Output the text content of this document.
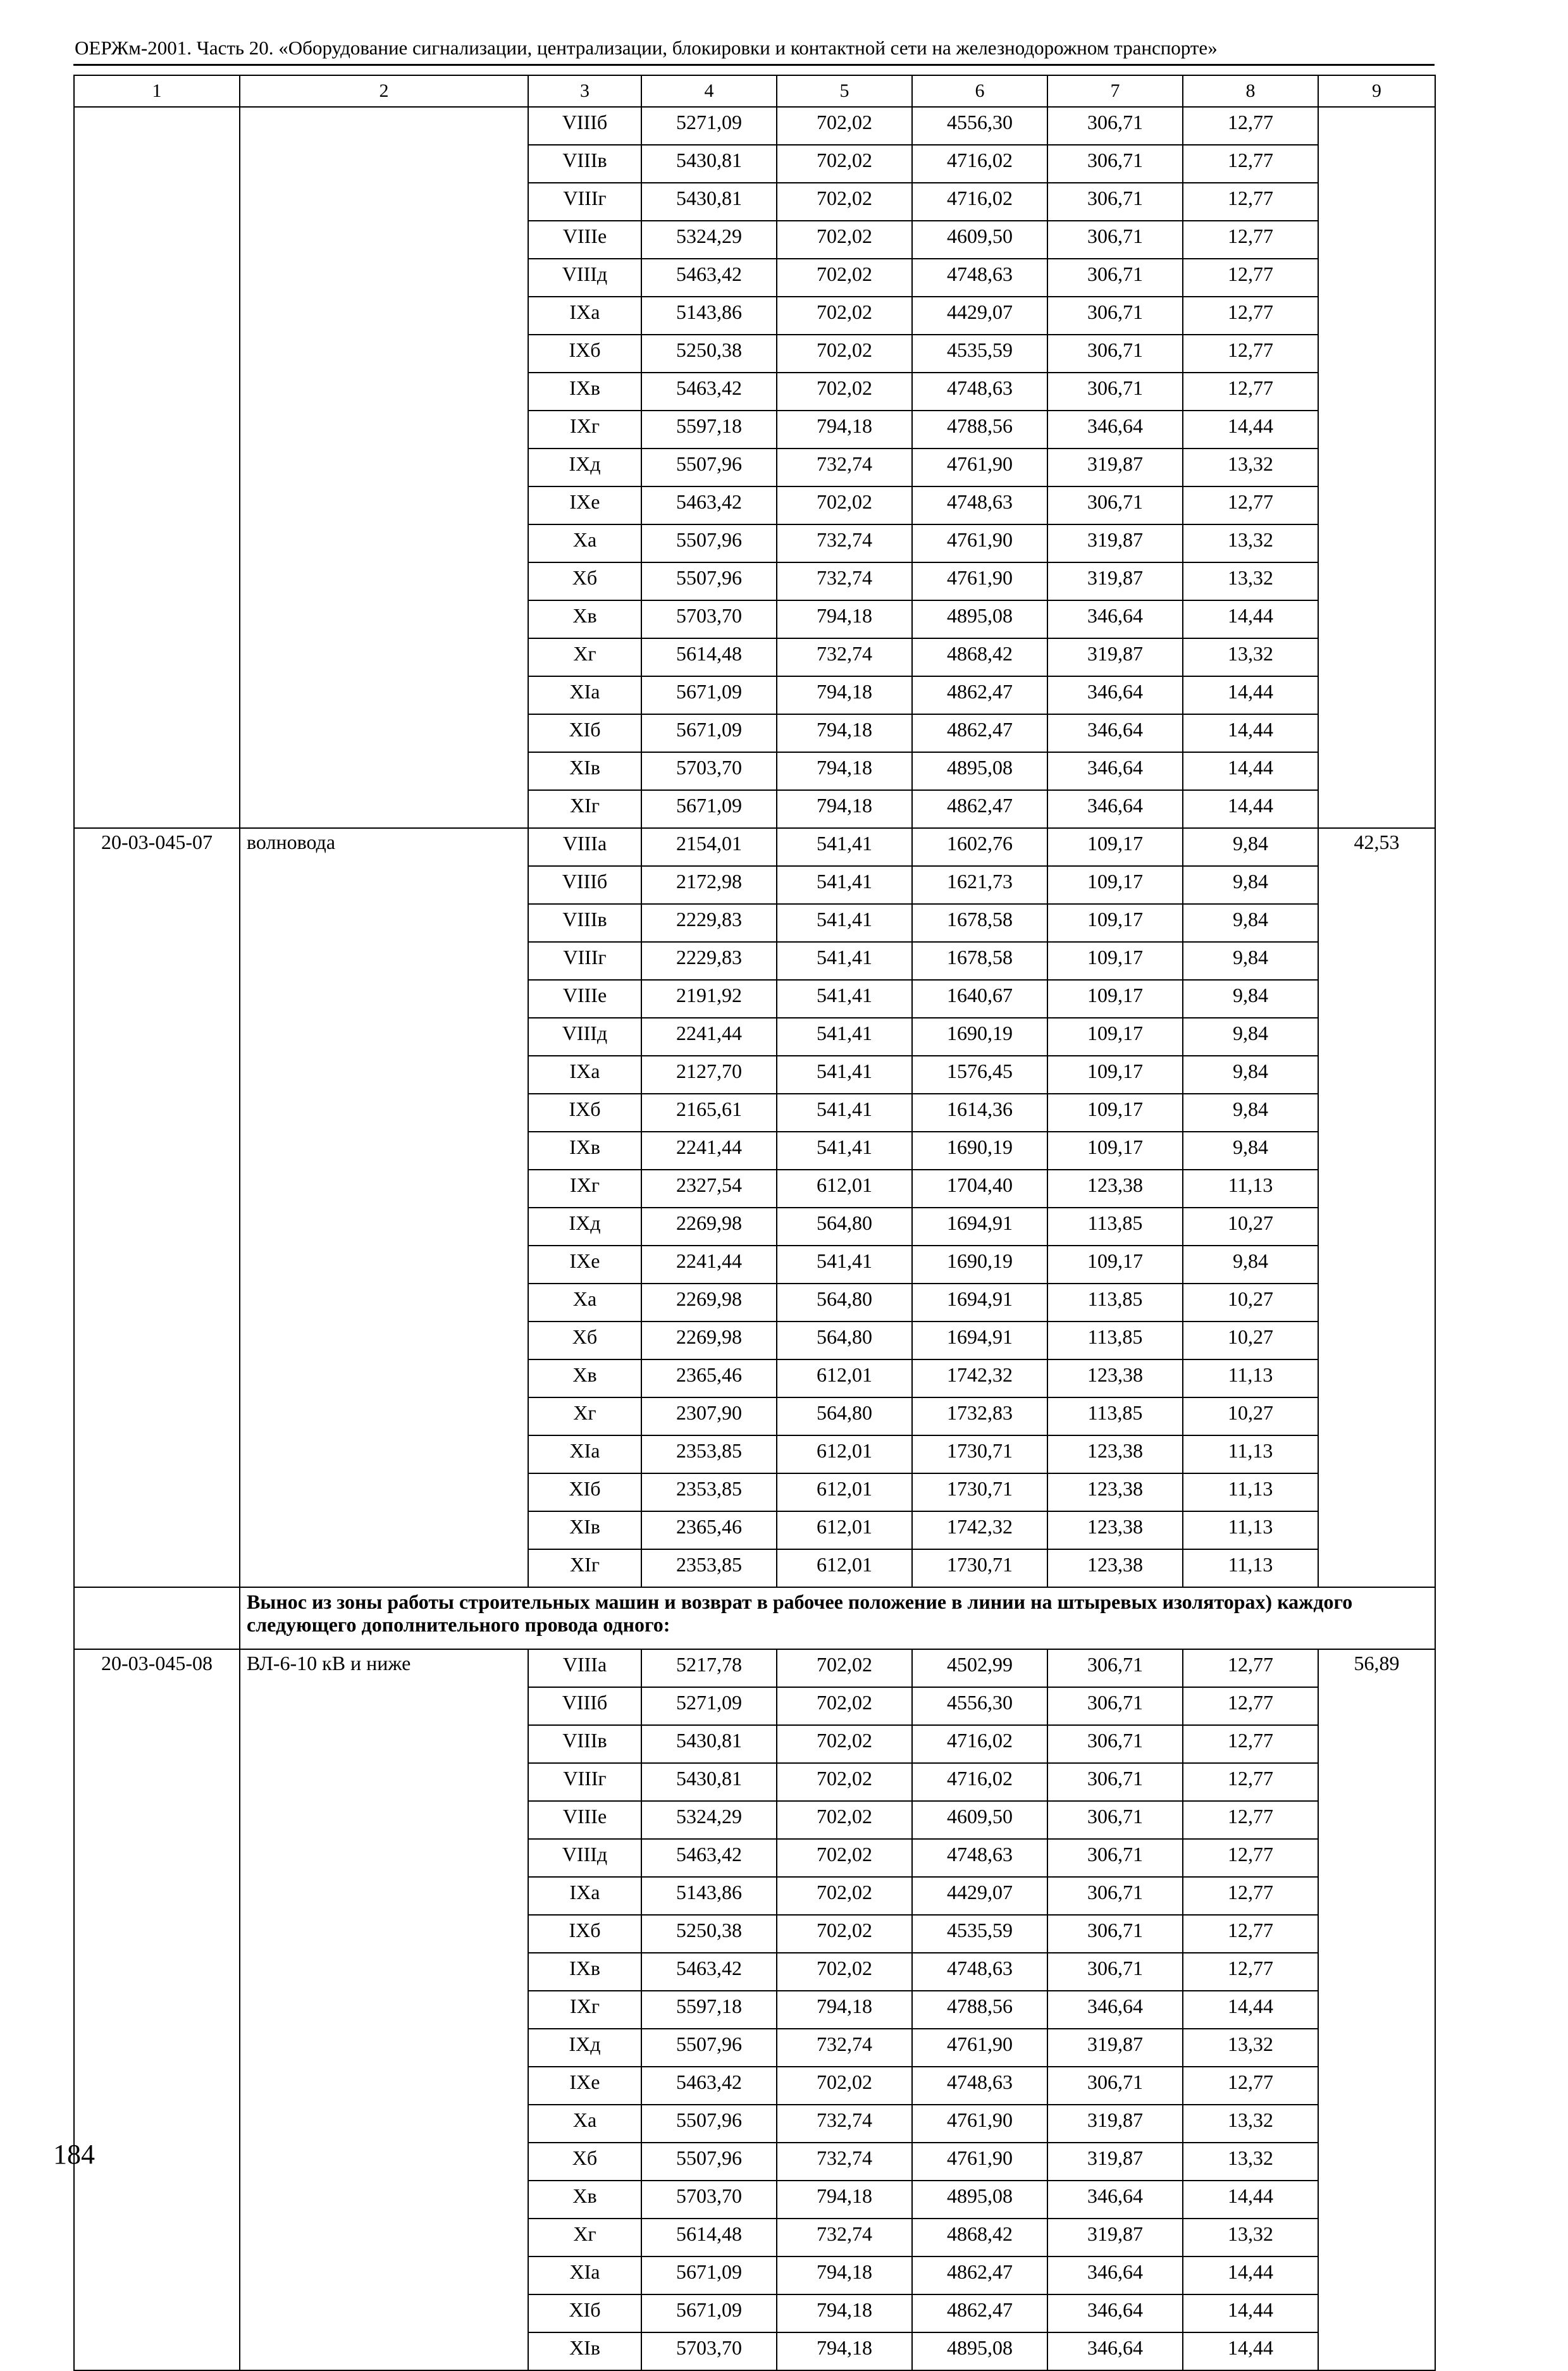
ОЕРЖм-2001. Часть 20. «Оборудование сигнализации, централизации, блокировки и контактной сети на железнодорожном транспорте»
1	2	3	4	5	6	7	8	9
		VIIIб	5271,09	702,02	4556,30	306,71	12,77	
		VIIIв	5430,81	702,02	4716,02	306,71	12,77	
		VIIIг	5430,81	702,02	4716,02	306,71	12,77	
		VIIIе	5324,29	702,02	4609,50	306,71	12,77	
		VIIIд	5463,42	702,02	4748,63	306,71	12,77	
		IXа	5143,86	702,02	4429,07	306,71	12,77	
		IXб	5250,38	702,02	4535,59	306,71	12,77	
		IXв	5463,42	702,02	4748,63	306,71	12,77	
		IXг	5597,18	794,18	4788,56	346,64	14,44	
		IXд	5507,96	732,74	4761,90	319,87	13,32	
		IXе	5463,42	702,02	4748,63	306,71	12,77	
		Xа	5507,96	732,74	4761,90	319,87	13,32	
		Xб	5507,96	732,74	4761,90	319,87	13,32	
		Xв	5703,70	794,18	4895,08	346,64	14,44	
		Xг	5614,48	732,74	4868,42	319,87	13,32	
		XIа	5671,09	794,18	4862,47	346,64	14,44	
		XIб	5671,09	794,18	4862,47	346,64	14,44	
		XIв	5703,70	794,18	4895,08	346,64	14,44	
		XIг	5671,09	794,18	4862,47	346,64	14,44	
20-03-045-07	волновода	VIIIа	2154,01	541,41	1602,76	109,17	9,84	42,53
		VIIIб	2172,98	541,41	1621,73	109,17	9,84	
		VIIIв	2229,83	541,41	1678,58	109,17	9,84	
		VIIIг	2229,83	541,41	1678,58	109,17	9,84	
		VIIIе	2191,92	541,41	1640,67	109,17	9,84	
		VIIIд	2241,44	541,41	1690,19	109,17	9,84	
		IXа	2127,70	541,41	1576,45	109,17	9,84	
		IXб	2165,61	541,41	1614,36	109,17	9,84	
		IXв	2241,44	541,41	1690,19	109,17	9,84	
		IXг	2327,54	612,01	1704,40	123,38	11,13	
		IXд	2269,98	564,80	1694,91	113,85	10,27	
		IXе	2241,44	541,41	1690,19	109,17	9,84	
		Xа	2269,98	564,80	1694,91	113,85	10,27	
		Xб	2269,98	564,80	1694,91	113,85	10,27	
		Xв	2365,46	612,01	1742,32	123,38	11,13	
		Xг	2307,90	564,80	1732,83	113,85	10,27	
		XIа	2353,85	612,01	1730,71	123,38	11,13	
		XIб	2353,85	612,01	1730,71	123,38	11,13	
		XIв	2365,46	612,01	1742,32	123,38	11,13	
		XIг	2353,85	612,01	1730,71	123,38	11,13	
	Вынос из зоны работы строительных машин и возврат в рабочее положение в линии на штыревых изоляторах) каждого следующего дополнительного провода одного:							
20-03-045-08	ВЛ-6-10 кВ и ниже	VIIIа	5217,78	702,02	4502,99	306,71	12,77	56,89
		VIIIб	5271,09	702,02	4556,30	306,71	12,77	
		VIIIв	5430,81	702,02	4716,02	306,71	12,77	
		VIIIг	5430,81	702,02	4716,02	306,71	12,77	
		VIIIе	5324,29	702,02	4609,50	306,71	12,77	
		VIIIд	5463,42	702,02	4748,63	306,71	12,77	
		IXа	5143,86	702,02	4429,07	306,71	12,77	
		IXб	5250,38	702,02	4535,59	306,71	12,77	
		IXв	5463,42	702,02	4748,63	306,71	12,77	
		IXг	5597,18	794,18	4788,56	346,64	14,44	
		IXд	5507,96	732,74	4761,90	319,87	13,32	
		IXе	5463,42	702,02	4748,63	306,71	12,77	
		Xа	5507,96	732,74	4761,90	319,87	13,32	
		Xб	5507,96	732,74	4761,90	319,87	13,32	
		Xв	5703,70	794,18	4895,08	346,64	14,44	
		Xг	5614,48	732,74	4868,42	319,87	13,32	
		XIа	5671,09	794,18	4862,47	346,64	14,44	
		XIб	5671,09	794,18	4862,47	346,64	14,44	
		XIв	5703,70	794,18	4895,08	346,64	14,44	
184
